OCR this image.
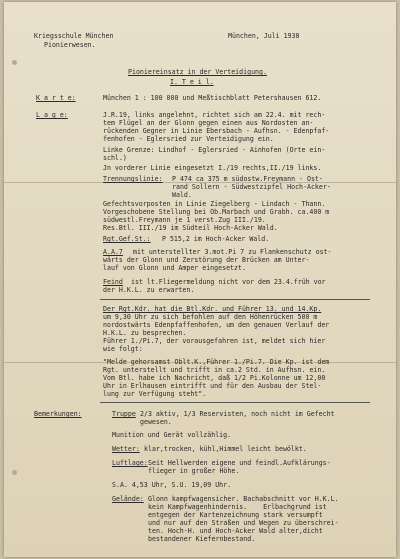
Kriegsschule München

Pionierwesen.

München, Juli 1938

Pioniereinsatz in der Verteidigung.

I. T e i l.

K a r t e:	München 1 : 100 000 und Meßtischblatt Petershausen 612.

L a g e:	J.R.19, links angelehnt, richtet sich am 22.4. mit rech-

tem Flügel an der Glonn gegen einen aus Nordosten an-

rückenden Gegner in Linie Ebersbach - Aufhsn. - Edenpfaf-

fenhofen - Eglersried zur Verteidigung ein.

Linke Grenze: Lindhof - Eglersried - Ainhofen (Orte ein-

schl.)

Jn vorderer Linie eingesetzt I./19 rechts,II./19 links.

Trennungslinie: P 474 ca 375 m südostw.Freymann - Ost-

rand Sollern - Südwestzipfel Hoch-Acker-

Wald.

Gefechtsvorposten in Linie Ziegelberg - Lindach - Thann.

Vorgeschobene Stellung bei Ob.Marbach und Grabh. ca.400 m

südwestl.Freymann je 1 verst.Zug III./19.

Res.Btl. III./19 im Südteil Hoch-Acker Wald.

Rgt.Gef.St.: P 515,2 im Hoch-Acker Wald.

A.A.7 mit unterstellter 3.mot.Pi 7 zu Flankenschutz ost-

wärts der Glonn und Zerstörung der Brücken am Unter-

lauf von Glonn und Amper eingesetzt.

Feind ist lt.Fliegermeldung nicht vor dem 23.4.früh vor

der H.K.L. zu erwarten.

Der Rgt.Kdr. hat die Btl.Kdr. und Führer 13. und 14.Kp.

um 9,30 Uhr zu sich befohlen auf den Höhenrücken 500 m

nordostwärts Edenpfaffenhofen, um den genauen Verlauf der

H.K.L. zu besprechen.

Führer 1./Pi.7, der vorausgefahren ist, meldet sich hier

wie folgt:

"Melde gehorsamst Oblt.K.,Führer 1./Pi.7. Die Kp. ist dem

Rgt. unterstellt und trifft in ca.2 Std. in Aufhsn. ein.

Vom Btl. habe ich Nachricht, daß 1/2 Pi.Kolonne um 12,00

Uhr in Erlhausen eintrifft und für den Ausbau der Stel-

lung zur Verfügung steht".

Bemerkungen:	Truppe 2/3 aktiv, 1/3 Reservisten, noch nicht im Gefecht

gewesen.

Munition und Gerät vollzählig.

Wetter: klar,trocken, kühl,Himmel leicht bewölkt.

Luftlage: Seit Hellwerden eigene und feindl.Aufklärungs-

flieger in großer Höhe.

S.A. 4,53 Uhr, S.U. 19,09 Uhr.

Gelände: Glonn kampfwagensicher. Bachabschnitt vor H.K.L.

kein Kampfwagenhindernis.    Erlbachgrund ist

entgegen der Kartenzeichnung stark versumpft

und nur auf den Straßen und Wegen zu überschrei-

ten. Hoch-H. und Hoch-Acker Wald alter,dicht

bestandener Kiefernbestand.
